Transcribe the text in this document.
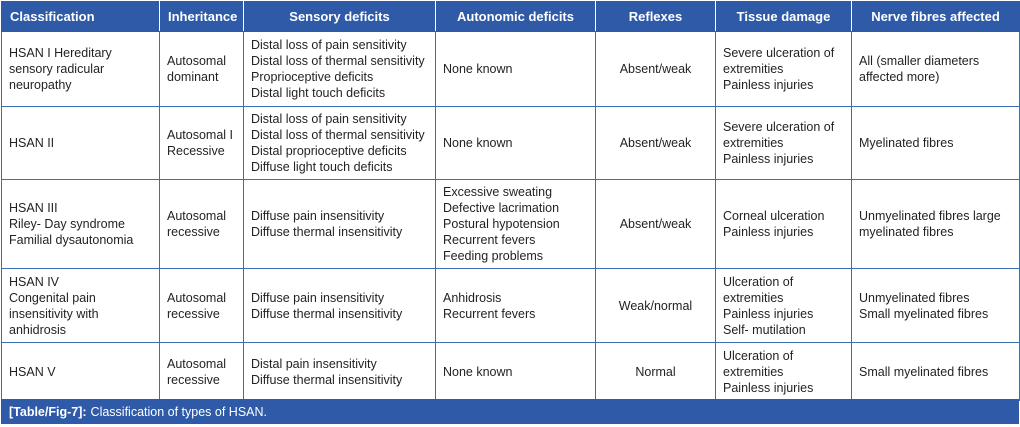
Classification	Inheritance	Sensory deficits	Autonomic deficits	Reflexes	Tissue damage	Nerve fibres affected

HSAN I Hereditary
sensory radicular
neuropathy	Autosomal
dominant	Distal loss of pain sensitivity
Distal loss of thermal sensitivity
Proprioceptive deficits
Distal light touch deficits	None known	Absent/weak	Severe ulceration of
extremities
Painless injuries	All (smaller diameters
affected more)

HSAN II	Autosomal I
Recessive	Distal loss of pain sensitivity
Distal loss of thermal sensitivity
Distal proprioceptive deficits
Diffuse light touch deficits	None known	Absent/weak	Severe ulceration of
extremities
Painless injuries	Myelinated fibres

HSAN III
Riley- Day syndrome
Familial dysautonomia	Autosomal
recessive	Diffuse pain insensitivity
Diffuse thermal insensitivity	Excessive sweating
Defective lacrimation
Postural hypotension
Recurrent fevers
Feeding problems	Absent/weak	Corneal ulceration
Painless injuries	Unmyelinated fibres large
myelinated fibres

HSAN IV
Congenital pain
insensitivity with
anhidrosis	Autosomal
recessive	Diffuse pain insensitivity
Diffuse thermal insensitivity	Anhidrosis
Recurrent fevers	Weak/normal	Ulceration of
extremities
Painless injuries
Self- mutilation	Unmyelinated fibres
Small myelinated fibres

HSAN V	Autosomal
recessive	Distal pain insensitivity
Diffuse thermal insensitivity	None known	Normal	Ulceration of
extremities
Painless injuries	Small myelinated fibres
[Table/Fig-7]: Classification of types of HSAN.
